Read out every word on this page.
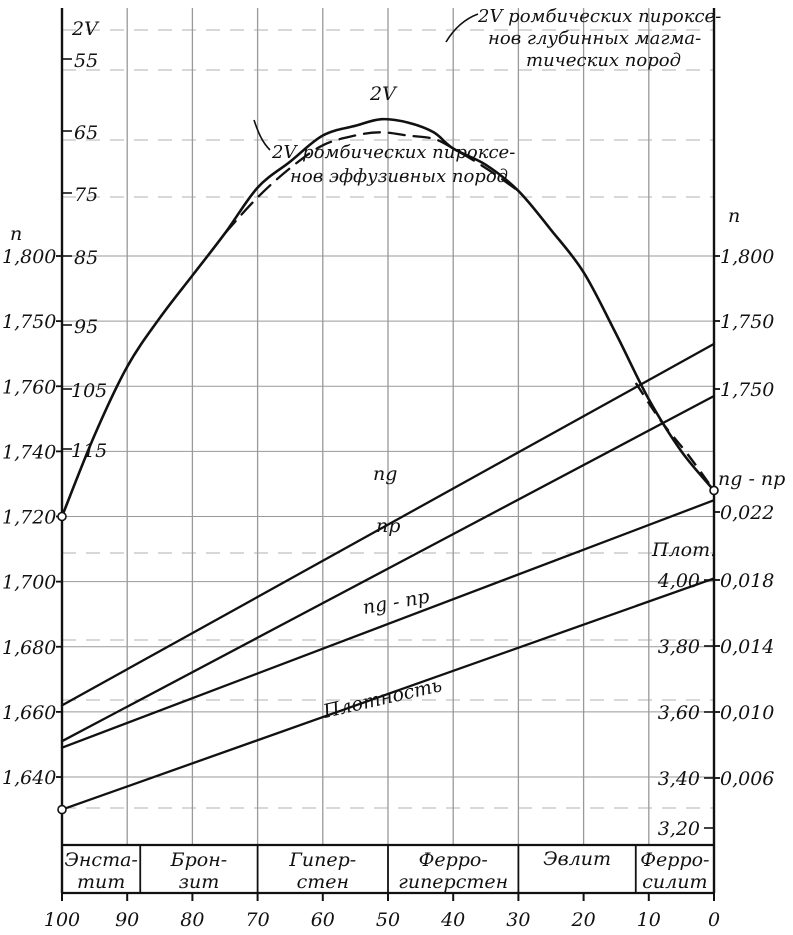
100 90 80 70 60 50 40 30 20 10 0
1,800
1,750
1,760
1,740
1,720
1,700
1,680
1,660
1,640
55
65
75
85
95
105
115
1,800
1,750
1,750
0,022
0,018
0,014
0,010
0,006
4,00
3,80
3,60
3,40
3,20
Энста-
тит
Брон-
зит
Гипер-
стен
Ферро-
гиперстен
Эвлит Ферро-
силит
2V
n
n
ng - np
Плот.
2V ромбических пироксе-
нов глубинных магма-
тических пород
2V ромбических пироксе-
нов эффузивных пород
2V
ng
np
ng - np
Плотность
